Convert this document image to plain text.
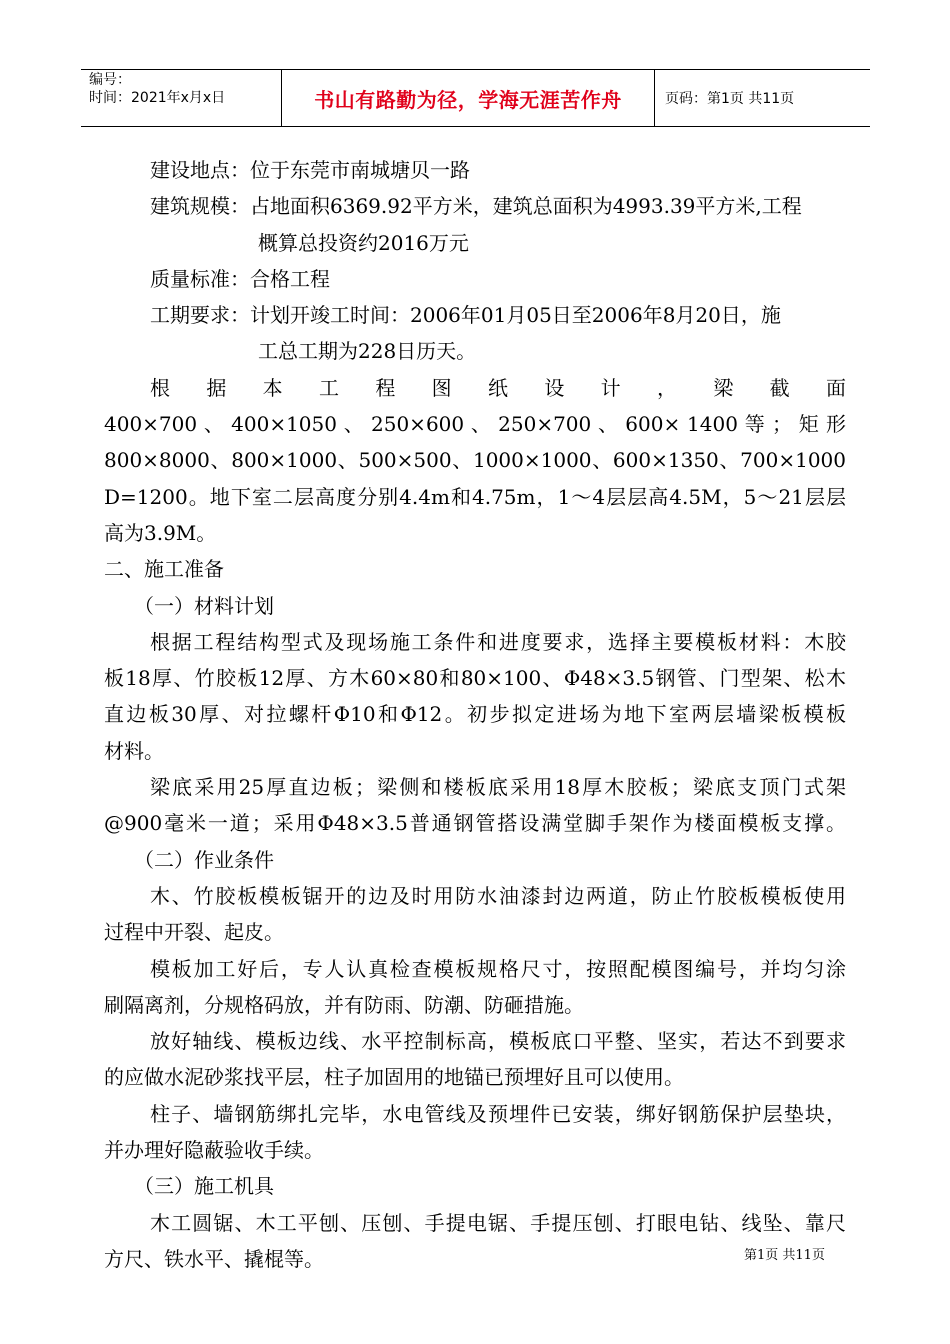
编号：
时间：2021年x月x日	书山有路勤为径，学海无涯苦作舟	页码：第1页 共11页
建设地点：位于东莞市南城塘贝一路
建筑规模：占地面积6369.92平方米，建筑总面积为4993.39平方米,工程
概算总投资约2016万元
质量标准：合格工程
工期要求：计划开竣工时间：2006年01月05日至2006年8月20日，施
工总工期为228日历天。
根 据 本 工 程 图 纸 设 计 ， 梁 截 面
400×700 、 400×1050 、 250×600 、 250×700 、 600× 1400 等 ； 矩 形
800×8000、800×1000、500×500、1000×1000、600×1350、700×1000
D=1200。地下室二层高度分别4.4m和4.75m，1～4层层高4.5M，5～21层层
高为3.9M。
二、施工准备
（一）材料计划
根据工程结构型式及现场施工条件和进度要求，选择主要模板材料：木胶
板18厚、竹胶板12厚、方木60×80和80×100、Φ48×3.5钢管、门型架、松木
直边板30厚、对拉螺杆Φ10和Φ12。初步拟定进场为地下室两层墙梁板模板
材料。
梁底采用25厚直边板；梁侧和楼板底采用18厚木胶板；梁底支顶门式架
@900毫米一道；采用Φ48×3.5普通钢管搭设满堂脚手架作为楼面模板支撑。
（二）作业条件
木、竹胶板模板锯开的边及时用防水油漆封边两道，防止竹胶板模板使用
过程中开裂、起皮。
模板加工好后，专人认真检查模板规格尺寸，按照配模图编号，并均匀涂
刷隔离剂，分规格码放，并有防雨、防潮、防砸措施。
放好轴线、模板边线、水平控制标高，模板底口平整、坚实，若达不到要求
的应做水泥砂浆找平层，柱子加固用的地锚已预埋好且可以使用。
柱子、墙钢筋绑扎完毕，水电管线及预埋件已安装，绑好钢筋保护层垫块，
并办理好隐蔽验收手续。
（三）施工机具
木工圆锯、木工平刨、压刨、手提电锯、手提压刨、打眼电钻、线坠、靠尺
方尺、铁水平、撬棍等。	第1页 共11页
